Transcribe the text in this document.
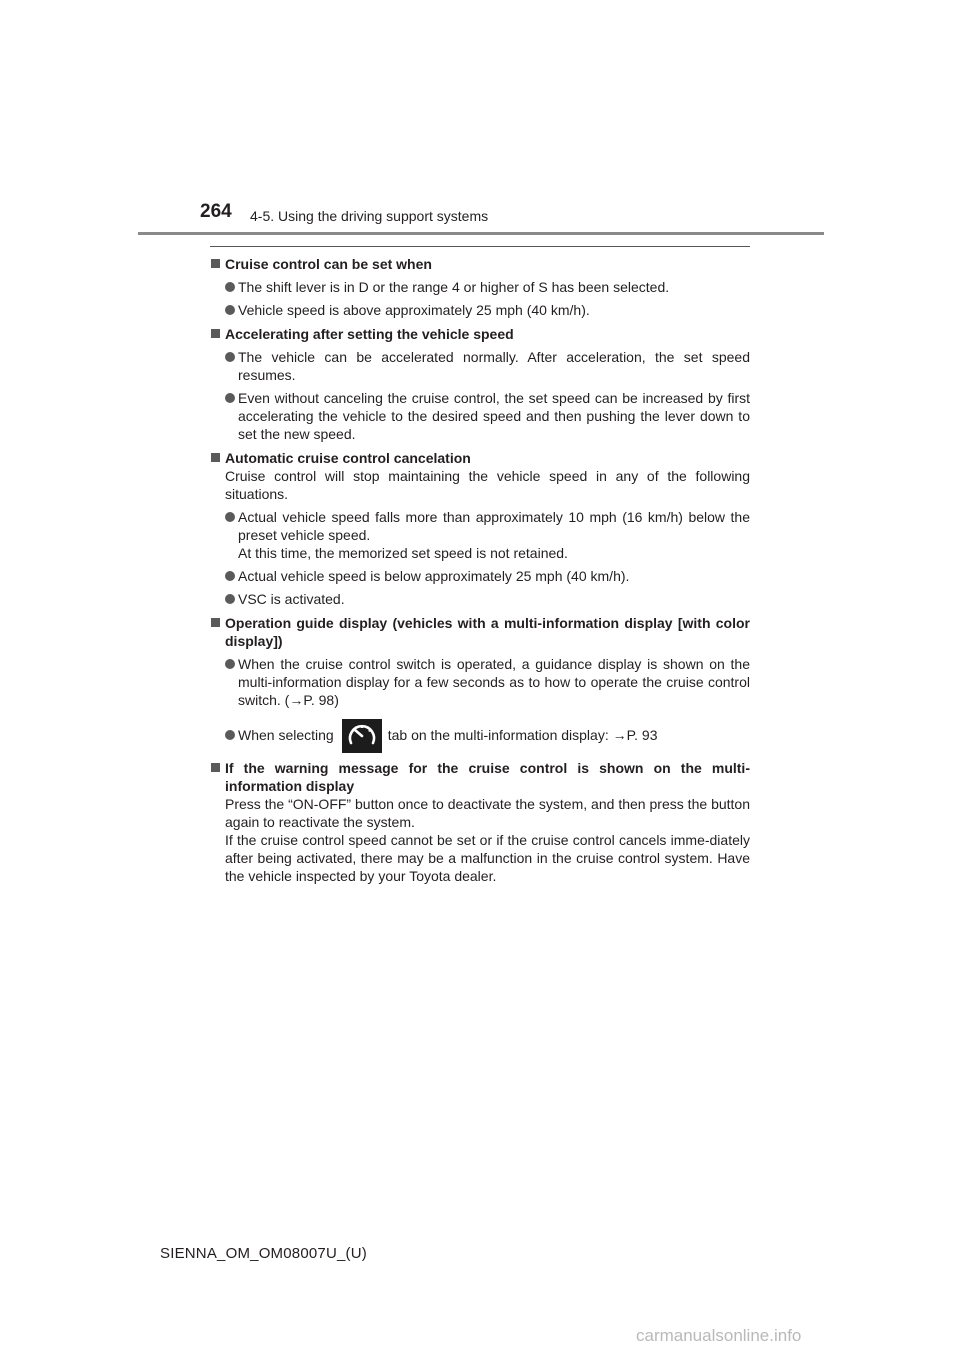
264 4-5. Using the driving support systems
Cruise control can be set when
The shift lever is in D or the range 4 or higher of S has been selected.
Vehicle speed is above approximately 25 mph (40 km/h).
Accelerating after setting the vehicle speed
The vehicle can be accelerated normally. After acceleration, the set speed resumes.
Even without canceling the cruise control, the set speed can be increased by first accelerating the vehicle to the desired speed and then pushing the lever down to set the new speed.
Automatic cruise control cancelation
Cruise control will stop maintaining the vehicle speed in any of the following situations.
Actual vehicle speed falls more than approximately 10 mph (16 km/h) below the preset vehicle speed.
At this time, the memorized set speed is not retained.
Actual vehicle speed is below approximately 25 mph (40 km/h).
VSC is activated.
Operation guide display (vehicles with a multi-information display [with color display])
When the cruise control switch is operated, a guidance display is shown on the multi-information display for a few seconds as to how to operate the cruise control switch. (→P. 98)
When selecting	tab on the multi-information display: →P. 93
If the warning message for the cruise control is shown on the multi-information display
Press the “ON-OFF” button once to deactivate the system, and then press the button again to reactivate the system.
If the cruise control speed cannot be set or if the cruise control cancels imme-diately after being activated, there may be a malfunction in the cruise control system. Have the vehicle inspected by your Toyota dealer.
SIENNA_OM_OM08007U_(U)
carmanualsonline.info
